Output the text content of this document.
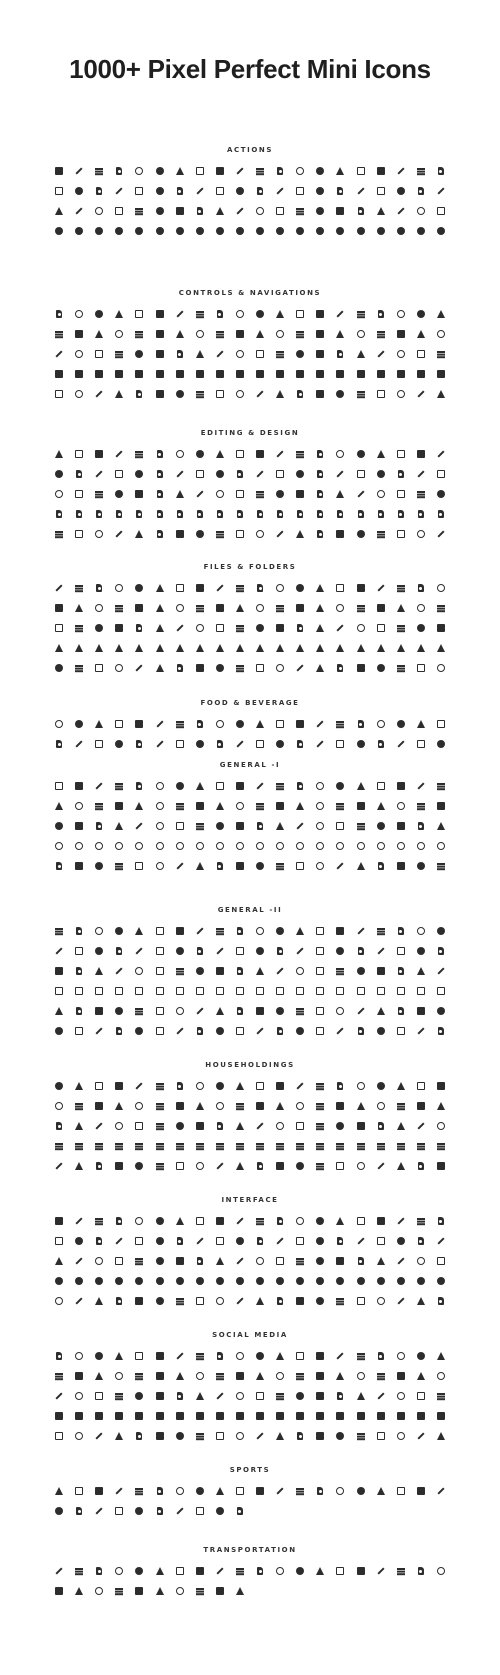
1000+ Pixel Perfect Mini Icons
ACTIONS
CONTROLS & NAVIGATIONS
EDITING & DESIGN
FILES & FOLDERS
FOOD & BEVERAGE
GENERAL -I
GENERAL -II
HOUSEHOLDINGS
INTERFACE
SOCIAL MEDIA
SPORTS
TRANSPORTATION
